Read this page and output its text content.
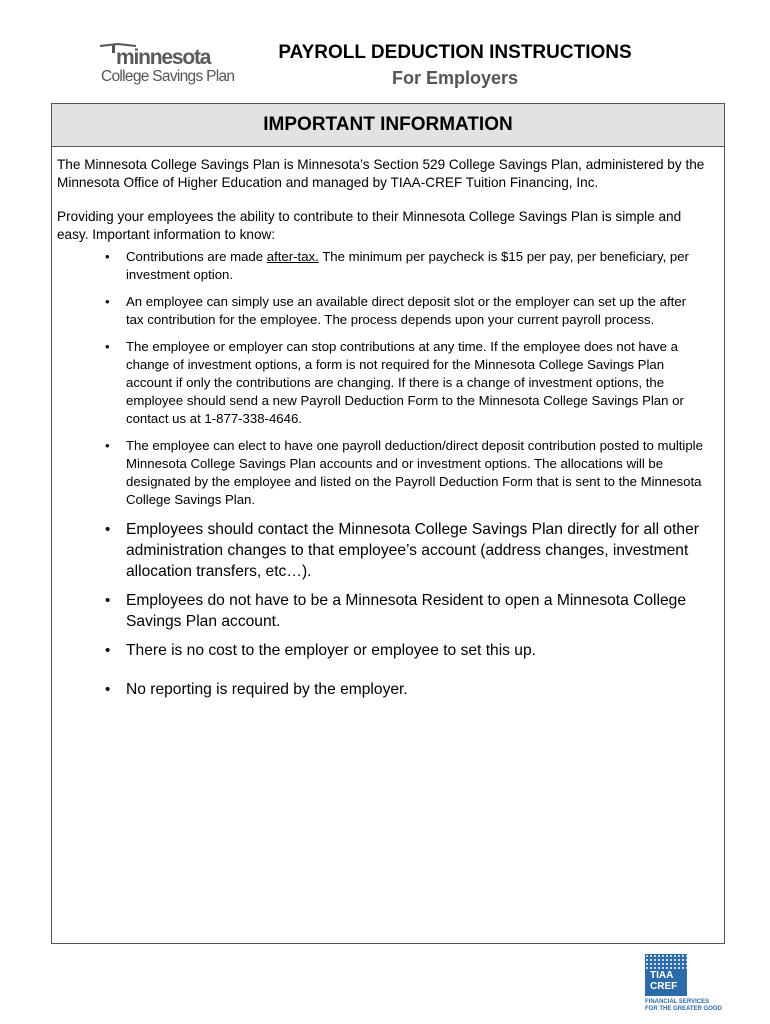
minnesota
College Savings Plan
PAYROLL DEDUCTION INSTRUCTIONS
For Employers
IMPORTANT INFORMATION

The Minnesota College Savings Plan is Minnesota’s Section 529 College Savings Plan, administered by the Minnesota Office of Higher Education and managed by TIAA-CREF Tuition Financing, Inc.

Providing your employees the ability to contribute to their Minnesota College Savings Plan is simple and easy. Important information to know:

• Contributions are made after-tax. The minimum per paycheck is $15 per pay, per beneficiary, per investment option.
• An employee can simply use an available direct deposit slot or the employer can set up the after tax contribution for the employee. The process depends upon your current payroll process.
• The employee or employer can stop contributions at any time. If the employee does not have a change of investment options, a form is not required for the Minnesota College Savings Plan account if only the contributions are changing. If there is a change of investment options, the employee should send a new Payroll Deduction Form to the Minnesota College Savings Plan or contact us at 1-877-338-4646.
• The employee can elect to have one payroll deduction/direct deposit contribution posted to multiple Minnesota College Savings Plan accounts and or investment options. The allocations will be designated by the employee and listed on the Payroll Deduction Form that is sent to the Minnesota College Savings Plan.
• Employees should contact the Minnesota College Savings Plan directly for all other administration changes to that employee’s account (address changes, investment allocation transfers, etc…).
• Employees do not have to be a Minnesota Resident to open a Minnesota College Savings Plan account.
• There is no cost to the employer or employee to set this up.
• No reporting is required by the employer.
TIAA
CREF
FINANCIAL SERVICES
FOR THE GREATER GOOD
